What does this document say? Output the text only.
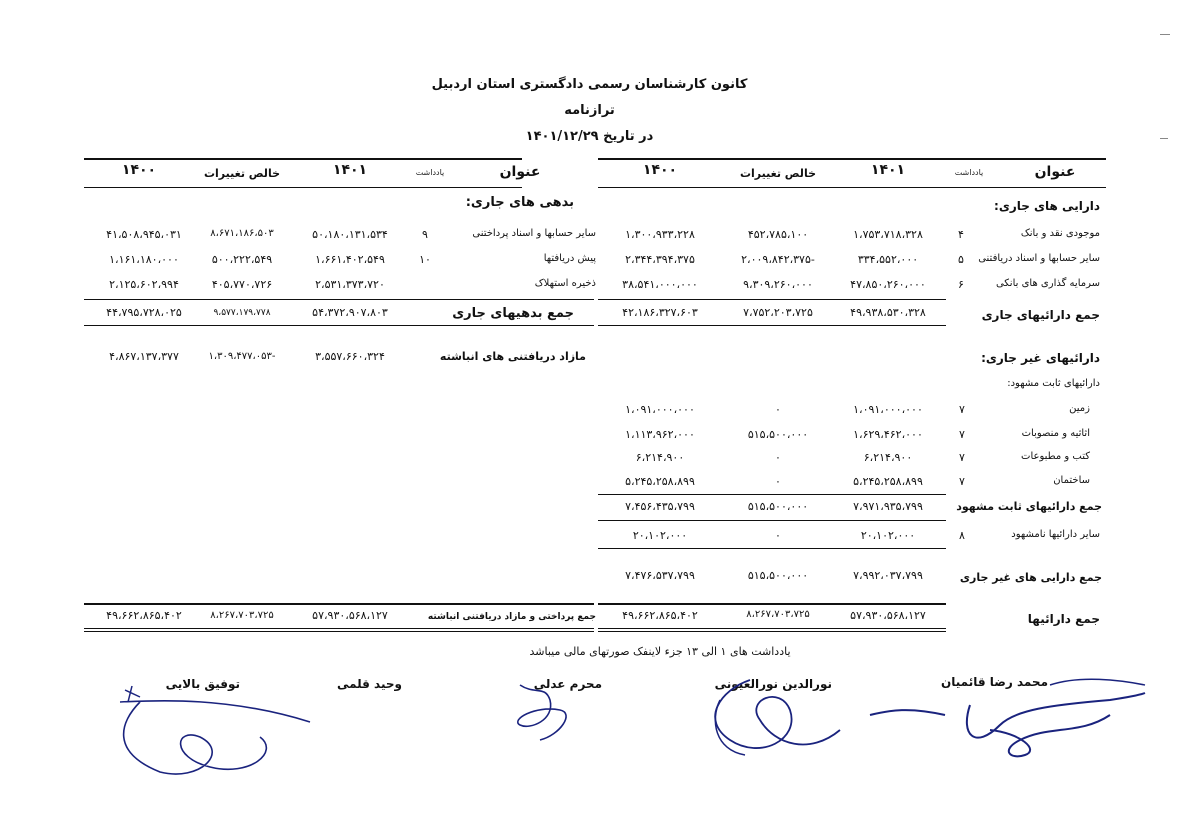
کانون کارشناسان رسمی دادگستری استان اردبیل
ترازنامه
در تاریخ ۱۴۰۱/۱۲/۲۹
عنوان
یادداشت
۱۴۰۱
خالص تغییرات
۱۴۰۰
دارایی های جاری:
موجودی نقد و بانک
۴
۱،۷۵۳،۷۱۸،۳۲۸
۴۵۲،۷۸۵،۱۰۰
۱،۳۰۰،۹۳۳،۲۲۸
سایر حسابها و اسناد دریافتنی
۵
۳۳۴،۵۵۲،۰۰۰
۲،۰۰۹،۸۴۲،۳۷۵-
۲،۳۴۴،۳۹۴،۳۷۵
سرمایه گذاری های بانکی
۶
۴۷،۸۵۰،۲۶۰،۰۰۰
۹،۳۰۹،۲۶۰،۰۰۰
۳۸،۵۴۱،۰۰۰،۰۰۰
جمع دارائیهای جاری
۴۹،۹۳۸،۵۳۰،۳۲۸
۷،۷۵۲،۲۰۳،۷۲۵
۴۲،۱۸۶،۳۲۷،۶۰۳
دارائیهای غیر جاری:
دارائیهای ثابت مشهود:
زمین
۷
۱،۰۹۱،۰۰۰،۰۰۰
۰
۱،۰۹۱،۰۰۰،۰۰۰
اثاثیه و منصوبات
۷
۱،۶۲۹،۴۶۲،۰۰۰
۵۱۵،۵۰۰،۰۰۰
۱،۱۱۳،۹۶۲،۰۰۰
کتب و مطبوعات
۷
۶،۲۱۴،۹۰۰
۰
۶،۲۱۴،۹۰۰
ساختمان
۷
۵،۲۴۵،۲۵۸،۸۹۹
۰
۵،۲۴۵،۲۵۸،۸۹۹
جمع دارائیهای ثابت مشهود
۷،۹۷۱،۹۳۵،۷۹۹
۵۱۵،۵۰۰،۰۰۰
۷،۴۵۶،۴۳۵،۷۹۹
سایر دارائیها نامشهود
۸
۲۰،۱۰۲،۰۰۰
۰
۲۰،۱۰۲،۰۰۰
جمع دارایی های غیر جاری
۷،۹۹۲،۰۳۷،۷۹۹
۵۱۵،۵۰۰،۰۰۰
۷،۴۷۶،۵۳۷،۷۹۹
جمع دارائیها
۵۷،۹۳۰،۵۶۸،۱۲۷
۸،۲۶۷،۷۰۳،۷۲۵
۴۹،۶۶۲،۸۶۵،۴۰۲
عنوان
یادداشت
۱۴۰۱
خالص تغییرات
۱۴۰۰
بدهی های جاری:
سایر حسابها و اسناد پرداختنی
۹
۵۰،۱۸۰،۱۳۱،۵۳۴
۸،۶۷۱،۱۸۶،۵۰۳
۴۱،۵۰۸،۹۴۵،۰۳۱
پیش دریافتها
۱۰
۱،۶۶۱،۴۰۲،۵۴۹
۵۰۰،۲۲۲،۵۴۹
۱،۱۶۱،۱۸۰،۰۰۰
ذخیره استهلاک
۲،۵۳۱،۳۷۳،۷۲۰
۴۰۵،۷۷۰،۷۲۶
۲،۱۲۵،۶۰۲،۹۹۴
جمع بدهیهای جاری
۵۴،۳۷۲،۹۰۷،۸۰۳
۹،۵۷۷،۱۷۹،۷۷۸
۴۴،۷۹۵،۷۲۸،۰۲۵
مازاد دریافتنی های انباشته
۳،۵۵۷،۶۶۰،۳۲۴
۱،۳۰۹،۴۷۷،۰۵۳-
۴،۸۶۷،۱۳۷،۳۷۷
جمع پرداختی و مازاد دریافتنی انباشته
۵۷،۹۳۰،۵۶۸،۱۲۷
۸،۲۶۷،۷۰۳،۷۲۵
۴۹،۶۶۲،۸۶۵،۴۰۲
یادداشت های ۱ الی ۱۳ جزء لاینفک صورتهای مالی میباشد
محمد رضا قائمیان
نورالدین نورالعیونی
محرم عدلی
وحید قلمی
توفیق بالایی
